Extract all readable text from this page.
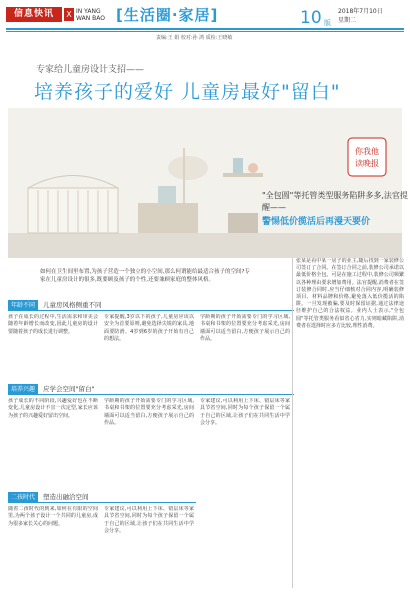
信息快讯	X IN YANG
WAN BAO [生活圈·家居]	10 版
2018年7月10日
星期二
责编:王 娟 校对:孙 鸿 质检:王晓敏
专家给儿童房设计支招——
培养孩子的爱好 儿童房最好"留白"
你我他
读晚报
"全包圆"等托管类型服务陷阱多多,法官提醒——
警惕低价揽活后再漫天要价
如何在卫生间里布置,为孩子营造一个独立的小空间,那么何谓能给最适合孩子的空间?专家在儿童房设计的很多,既要顾及孩子的个性,还要兼顾家庭的整体风格。
年龄不同 儿童房风格侧重不同
孩子在成长的过程中,生活需求和审美会随着年龄增长而改变,因此儿童房的设计要随着孩子的成长进行调整。
专家提醒,3岁以下的孩子,儿童房应该以安全为首要原则,避免选择尖锐的家具,地面要防滑。4岁到6岁的孩子开始有自己的想法。
学龄期的孩子开始需要专门的学习区域,书桌和书架的位置要充分考虑采光,房间墙面可以适当留白,方便孩子展示自己的作品。
培养兴趣 应学会空间"留白"
孩子成长的不同阶段,兴趣爱好也在不断变化,儿童房设计不宜一次定型,家长应该为孩子的兴趣爱好留出空间。
学龄期的孩子开始需要专门的学习区域,书桌和书架的位置要充分考虑采光,房间墙面可以适当留白,方便孩子展示自己的作品。
专家建议,可以利用上下床、错层床等家具节省空间,同时为每个孩子保留一个属于自己的区域,让孩子们在共同生活中学会分享。
二孩时代 塑造出融洽空间
随着二孩时代的到来,如何在有限的空间里,为两个孩子设计一个共同的儿童房,成为很多家长关心的问题。
专家建议,可以利用上下床、错层床等家具节省空间,同时为每个孩子保留一个属于自己的区域,让孩子们在共同生活中学会分享。
张某是看中某一房子的业主,随后找到一家装修公司签订了合同。在签订合同之前,装修公司承诺以最低价格全包。可是在施工过程中,装修公司频繁以各种理由要求增加费用。法官提醒,消费者在签订装修合同时,应当仔细核对合同内容,明确装修项目、材料品牌和价格,避免落入低价揽活的陷阱。一旦发现被骗,要及时保留证据,通过法律途径维护自己的合法权益。业内人士表示,"全包圆"等托管类服务看似省心省力,实则暗藏陷阱,消费者在选择时应多方比较,理性消费。
